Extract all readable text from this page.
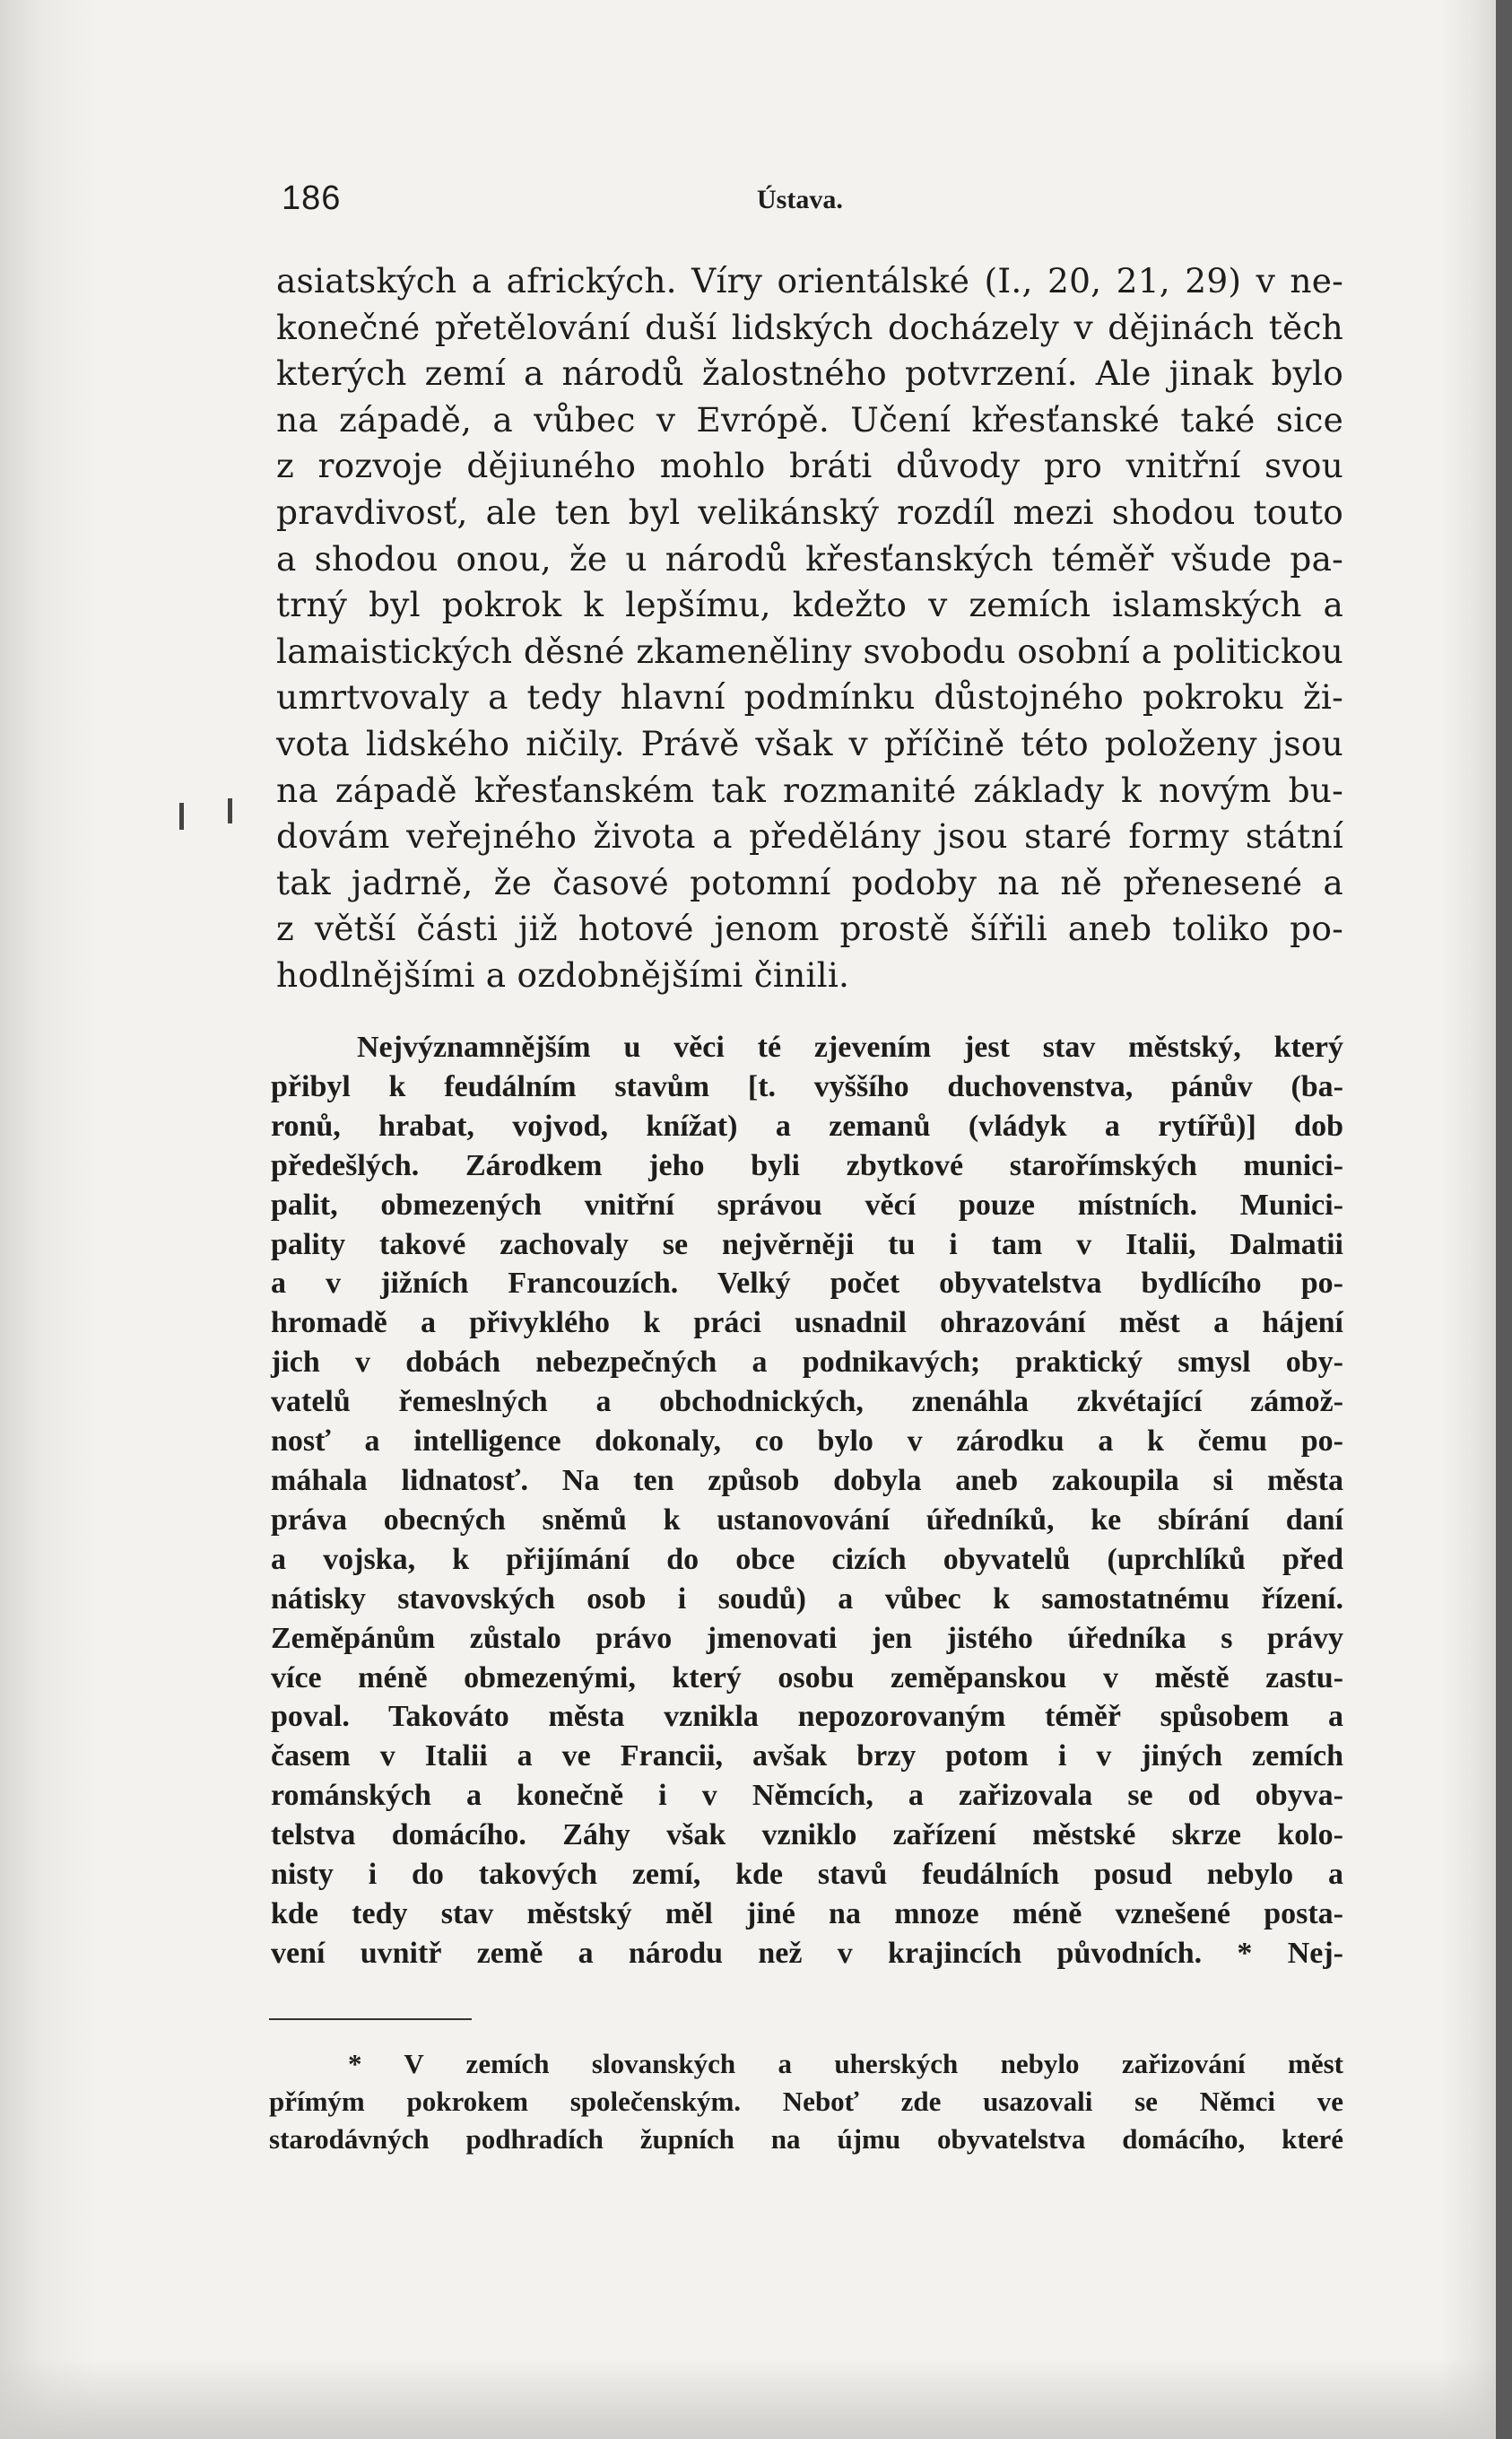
186	Ústava.
asiatských a afrických. Víry orientálské (I., 20, 21, 29) v ne-
konečné přetělování duší lidských docházely v dějinách těch
kterých zemí a národů žalostného potvrzení. Ale jinak bylo
na západě, a vůbec v Evrópě. Učení křesťanské také sice
z rozvoje dějiuného mohlo bráti důvody pro vnitřní svou
pravdivosť, ale ten byl velikánský rozdíl mezi shodou touto
a shodou onou, že u národů křesťanských téměř všude pa-
trný byl pokrok k lepšímu, kdežto v zemích islamských a
lamaistických děsné zkameněliny svobodu osobní a politickou
umrtvovaly a tedy hlavní podmínku důstojného pokroku ži-
vota lidského ničily. Právě však v příčině této položeny jsou
na západě křesťanském tak rozmanité základy k novým bu-
dovám veřejného života a předělány jsou staré formy státní
tak jadrně, že časové potomní podoby na ně přenesené a
z větší části již hotové jenom prostě šířili aneb toliko po-
hodlnějšími a ozdobnějšími činili.
Nejvýznamnějším u věci té zjevením jest stav městský, který
přibyl k feudálním stavům [t. vyššího duchovenstva, pánův (ba-
ronů, hrabat, vojvod, knížat) a zemanů (vládyk a rytířů)] dob
předešlých. Zárodkem jeho byli zbytkové starořímských munici-
palit, obmezených vnitřní správou věcí pouze místních. Munici-
pality takové zachovaly se nejvěrněji tu i tam v Italii, Dalmatii
a v jižních Francouzích. Velký počet obyvatelstva bydlícího po-
hromadě a přivyklého k práci usnadnil ohrazování měst a hájení
jich v dobách nebezpečných a podnikavých; praktický smysl oby-
vatelů řemeslných a obchodnických, znenáhla zkvétající zámož-
nosť a intelligence dokonaly, co bylo v zárodku a k čemu po-
máhala lidnatosť. Na ten způsob dobyla aneb zakoupila si města
práva obecných sněmů k ustanovování úředníků, ke sbírání daní
a vojska, k přijímání do obce cizích obyvatelů (uprchlíků před
nátisky stavovských osob i soudů) a vůbec k samostatnému řízení.
Zeměpánům zůstalo právo jmenovati jen jistého úředníka s právy
více méně obmezenými, který osobu zeměpanskou v městě zastu-
poval. Takováto města vznikla nepozorovaným téměř spůsobem a
časem v Italii a ve Francii, avšak brzy potom i v jiných zemích
románských a konečně i v Němcích, a zařizovala se od obyva-
telstva domácího. Záhy však vzniklo zařízení městské skrze kolo-
nisty i do takových zemí, kde stavů feudálních posud nebylo a
kde tedy stav městský měl jiné na mnoze méně vznešené posta-
vení uvnitř země a národu než v krajincích původních. * Nej-
* V zemích slovanských a uherských nebylo zařizování měst
přímým pokrokem společenským. Neboť zde usazovali se Němci ve
starodávných podhradích župních na újmu obyvatelstva domácího, které
